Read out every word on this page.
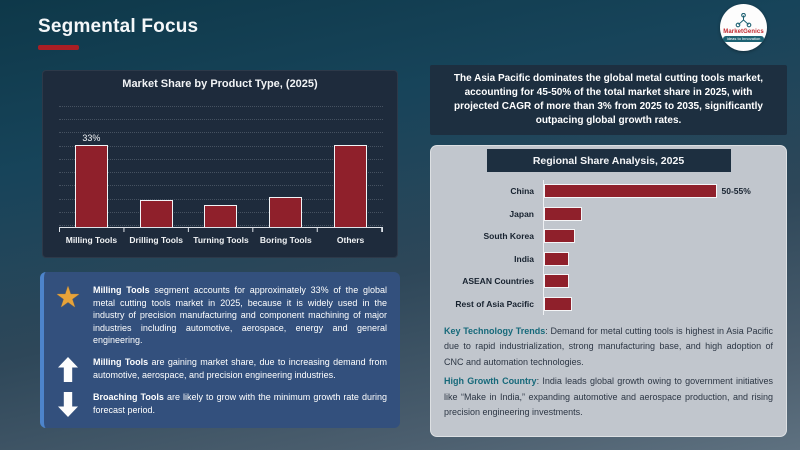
Segmental Focus	MarketGenics
Ideas to Innovation
Market Share by Product Type, (2025)
33%
Milling Tools	Drilling Tools	Turning Tools	Boring Tools	Others

The Asia Pacific dominates the global metal cutting tools market, accounting for 45-50% of the total market share in 2025, with projected CAGR of more than 3% from 2025 to 2035, significantly outpacing global growth rates.

Regional Share Analysis, 2025
China	50-55%
Japan
South Korea
India
ASEAN Countries
Rest of Asia Pacific

Key Technology Trends: Demand for metal cutting tools is highest in Asia Pacific due to rapid industrialization, strong manufacturing base, and high adoption of CNC and automation technologies.

High Growth Country: India leads global growth owing to government initiatives like “Make in India,” expanding automotive and aerospace production, and rising precision engineering investments.

★ Milling Tools segment accounts for approximately 33% of the global metal cutting tools market in 2025, because it is widely used in the industry of precision manufacturing and component machining of major industries including automotive, aerospace, energy and general engineering.

Milling Tools are gaining market share, due to increasing demand from automotive, aerospace, and precision engineering industries.

Broaching Tools are likely to grow with the minimum growth rate during forecast period.
